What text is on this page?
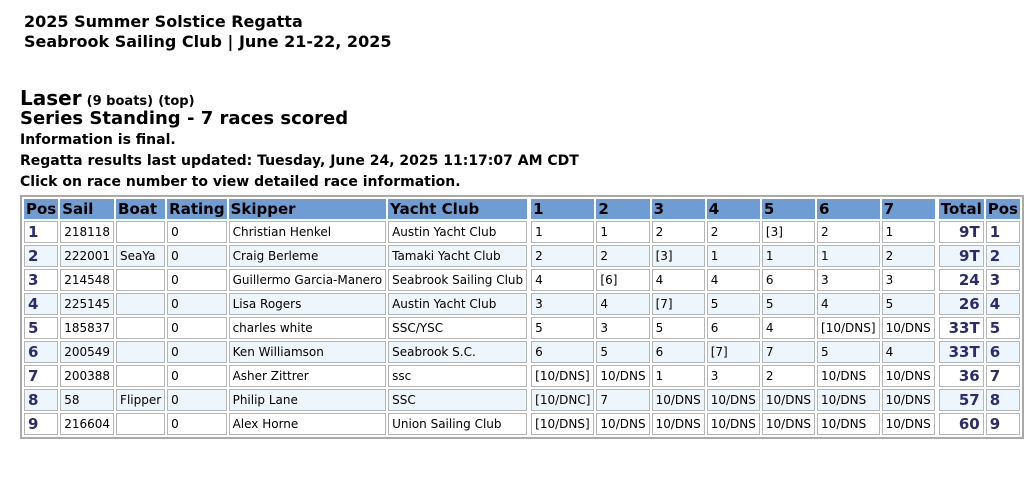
2025 Summer Solstice Regatta
Seabrook Sailing Club | June 21-22, 2025
Laser (9 boats) (top)
Series Standing - 7 races scored
Information is final.
Regatta results last updated: Tuesday, June 24, 2025 11:17:07 AM CDT
Click on race number to view detailed race information.
Pos	Sail	Boat	Rating	Skipper	Yacht Club		1	2	3	4	5	6	7		Total	Pos
1	218118		0	Christian Henkel	Austin Yacht Club		1	1	2	2	[3]	2	1		9T	1
2	222001	SeaYa	0	Craig Berleme	Tamaki Yacht Club		2	2	[3]	1	1	1	2		9T	2
3	214548		0	Guillermo Garcia-Manero	Seabrook Sailing Club		4	[6]	4	4	6	3	3		24	3
4	225145		0	Lisa Rogers	Austin Yacht Club		3	4	[7]	5	5	4	5		26	4
5	185837		0	charles white	SSC/YSC		5	3	5	6	4	[10/DNS]	10/DNS		33T	5
6	200549		0	Ken Williamson	Seabrook S.C.		6	5	6	[7]	7	5	4		33T	6
7	200388		0	Asher Zittrer	ssc		[10/DNS]	10/DNS	1	3	2	10/DNS	10/DNS		36	7
8	58	Flipper	0	Philip Lane	SSC		[10/DNC]	7	10/DNS	10/DNS	10/DNS	10/DNS	10/DNS		57	8
9	216604		0	Alex Horne	Union Sailing Club		[10/DNS]	10/DNS	10/DNS	10/DNS	10/DNS	10/DNS	10/DNS		60	9
